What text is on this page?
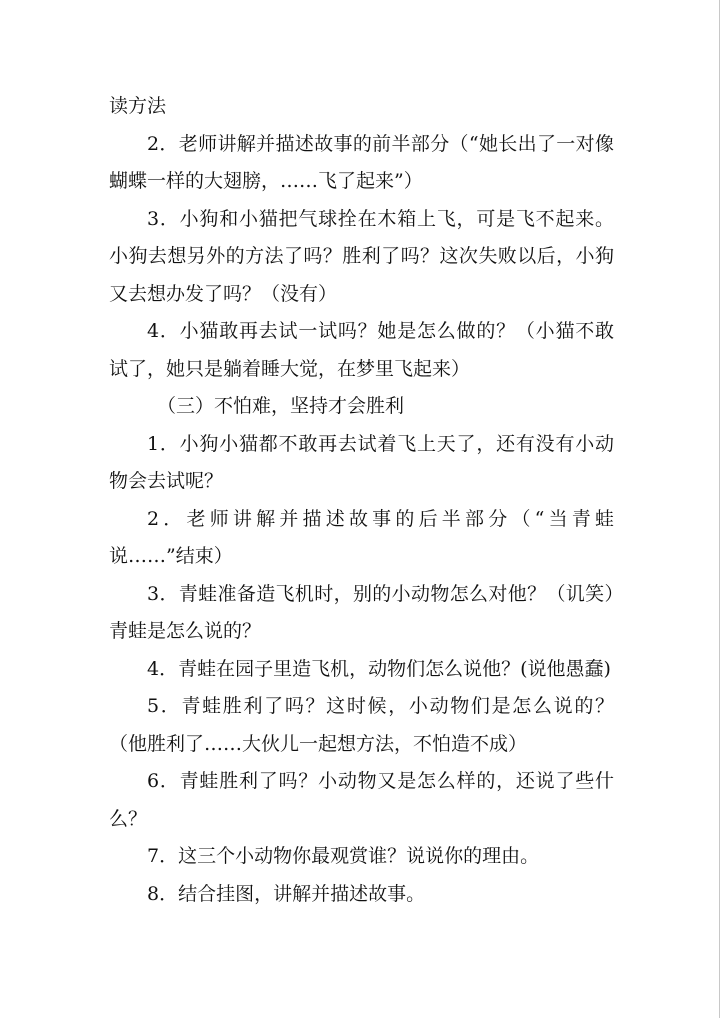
读方法

2．老师讲解并描述故事的前半部分（“她长出了一对像蝴蝶一样的大翅膀，……飞了起来”）

3．小狗和小猫把气球拴在木箱上飞，可是飞不起来。小狗去想另外的方法了吗？胜利了吗？这次失败以后，小狗又去想办发了吗？（没有）

4．小猫敢再去试一试吗？她是怎么做的？（小猫不敢试了，她只是躺着睡大觉，在梦里飞起来）

（三）不怕难，坚持才会胜利

1．小狗小猫都不敢再去试着飞上天了，还有没有小动物会去试呢？

2．老师讲解并描述故事的后半部分（“当青蛙说……”结束）

3．青蛙准备造飞机时，别的小动物怎么对他？（讥笑）青蛙是怎么说的？

4．青蛙在园子里造飞机，动物们怎么说他？(说他愚蠢)

5．青蛙胜利了吗？这时候，小动物们是怎么说的？（他胜利了……大伙儿一起想方法，不怕造不成）

6．青蛙胜利了吗？小动物又是怎么样的，还说了些什么？

7．这三个小动物你最观赏谁？说说你的理由。

8．结合挂图，讲解并描述故事。
